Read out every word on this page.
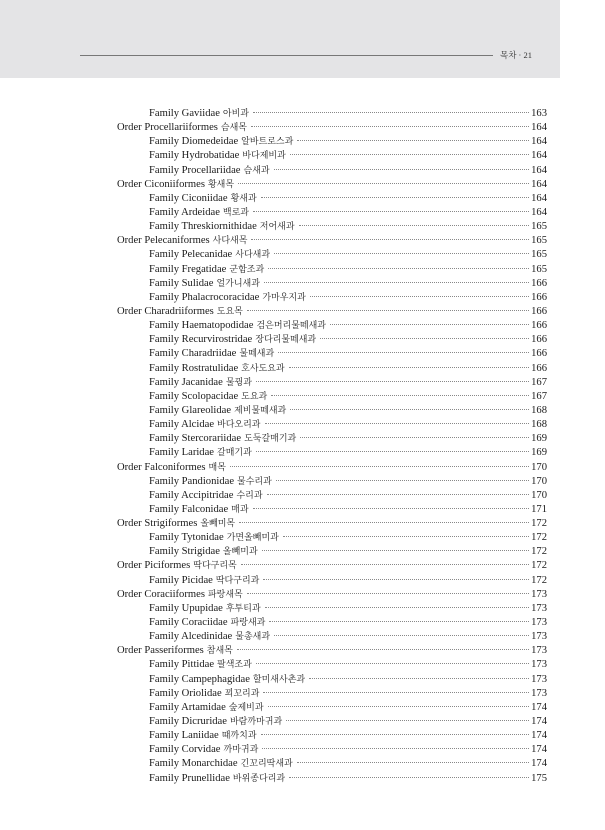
목차 · 21
Family Gaviidae 아비과	163
Order Procellariiformes 슴새목	164
Family Diomedeidae 알바트로스과	164
Family Hydrobatidae 바다제비과	164
Family Procellariidae 슴새과	164
Order Ciconiiformes 황새목	164
Family Ciconiidae 황새과	164
Family Ardeidae 백로과	164
Family Threskiornithidae 저어새과	165
Order Pelecaniformes 사다새목	165
Family Pelecanidae 사다새과	165
Family Fregatidae 군함조과	165
Family Sulidae 얼가니새과	166
Family Phalacrocoracidae 가마우지과	166
Order Charadriiformes 도요목	166
Family Haematopodidae 검은머리물떼새과	166
Family Recurvirostridae 장다리물떼새과	166
Family Charadriidae 물떼새과	166
Family Rostratulidae 호사도요과	166
Family Jacanidae 물꿩과	167
Family Scolopacidae 도요과	167
Family Glareolidae 제비물떼새과	168
Family Alcidae 바다오리과	168
Family Stercorariidae 도둑갈매기과	169
Family Laridae 갈매기과	169
Order Falconiformes 매목	170
Family Pandionidae 물수리과	170
Family Accipitridae 수리과	170
Family Falconidae 매과	171
Order Strigiformes 올빼미목	172
Family Tytonidae 가면올빼미과	172
Family Strigidae 올빼미과	172
Order Piciformes 딱다구리목	172
Family Picidae 딱다구리과	172
Order Coraciiformes 파랑새목	173
Family Upupidae 후투티과	173
Family Coraciidae 파랑새과	173
Family Alcedinidae 물총새과	173
Order Passeriformes 참새목	173
Family Pittidae 팔색조과	173
Family Campephagidae 할미새사촌과	173
Family Oriolidae 꾀꼬리과	173
Family Artamidae 숲제비과	174
Family Dicruridae 바람까마귀과	174
Family Laniidae 때까치과	174
Family Corvidae 까마귀과	174
Family Monarchidae 긴꼬리딱새과	174
Family Prunellidae 바위종다리과	175
